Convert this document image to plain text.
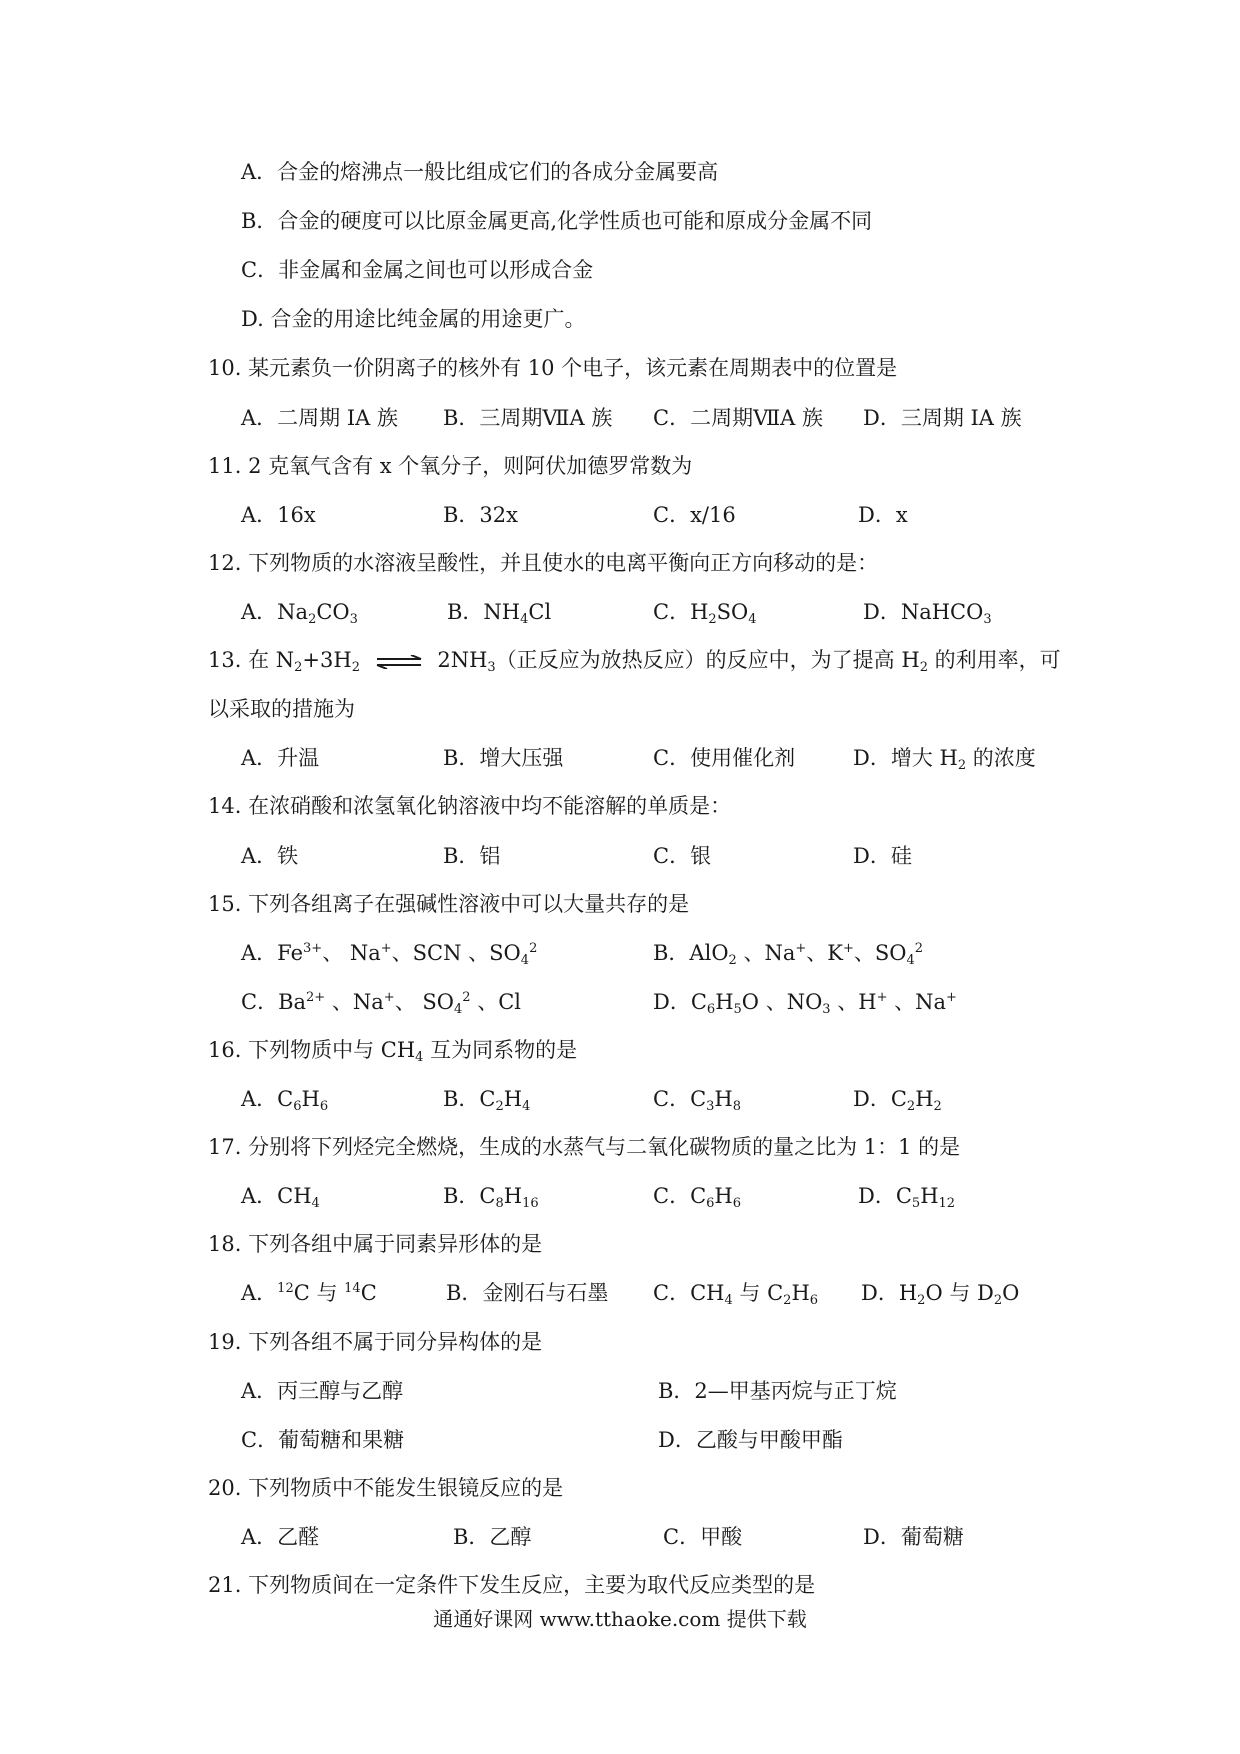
A．合金的熔沸点一般比组成它们的各成分金属要高
B．合金的硬度可以比原金属更高,化学性质也可能和原成分金属不同
C．非金属和金属之间也可以形成合金
D. 合金的用途比纯金属的用途更广。
10. 某元素负一价阴离子的核外有 10 个电子，该元素在周期表中的位置是
A．二周期 IA 族 B．三周期ⅦA 族 C．二周期ⅦA 族 D．三周期 IA 族
11. 2 克氧气含有 x 个氧分子，则阿伏加德罗常数为
A．16x	B．32x	C．x/16	D．x
12. 下列物质的水溶液呈酸性，并且使水的电离平衡向正方向移动的是：
A．$Na_2CO_3$	B．$NH_4Cl$	C．$H_2SO_4$	D．NaHCO$_3$
13. 在 $N_2+3H_2$ ⇌ $2NH_3$（正反应为放热反应）的反应中，为了提高 $H_2$ 的利用率，可
以采取的措施为
A．升温	B．增大压强	C．使用催化剂	D．增大 $H_2$ 的浓度
14. 在浓硝酸和浓氢氧化钠溶液中均不能溶解的单质是：
A．铁	B．铝	C．银	D．硅
15. 下列各组离子在强碱性溶液中可以大量共存的是
A．$Fe^{3+}$、 Na+、SCN 、$SO_4^2$	B．AlO$_2$ 、Na+、K+、$SO_4^2$
C．$Ba^{2+}$ 、Na+、 $SO_4^2$ 、Cl	D．$C_6H_5O$ 、$NO_3$ 、H+ 、Na+
16. 下列物质中与 $CH_4$ 互为同系物的是
A．$C_6H_6$	B．$C_2H_4$	C．$C_3H_8$	D．$C_2H_2$
17. 分别将下列烃完全燃烧，生成的水蒸气与二氧化碳物质的量之比为 1：1 的是
A．$CH_4$	B．$C_8H_{16}$	C．$C_6H_6$	D．$C_5H_{12}$
18. 下列各组中属于同素异形体的是
A．$^{12}$C 与 $^{14}$C	B．金刚石与石墨 C．$CH_4$ 与 $C_2H_6$ D．$H_2O$ 与 $D_2O$
19. 下列各组不属于同分异构体的是
A．丙三醇与乙醇	B．2—甲基丙烷与正丁烷
C．葡萄糖和果糖	D．乙酸与甲酸甲酯
20. 下列物质中不能发生银镜反应的是
A．乙醛	B．乙醇	C．甲酸	D．葡萄糖
21. 下列物质间在一定条件下发生反应，主要为取代反应类型的是
通通好课网 www.tthaoke.com 提供下载
